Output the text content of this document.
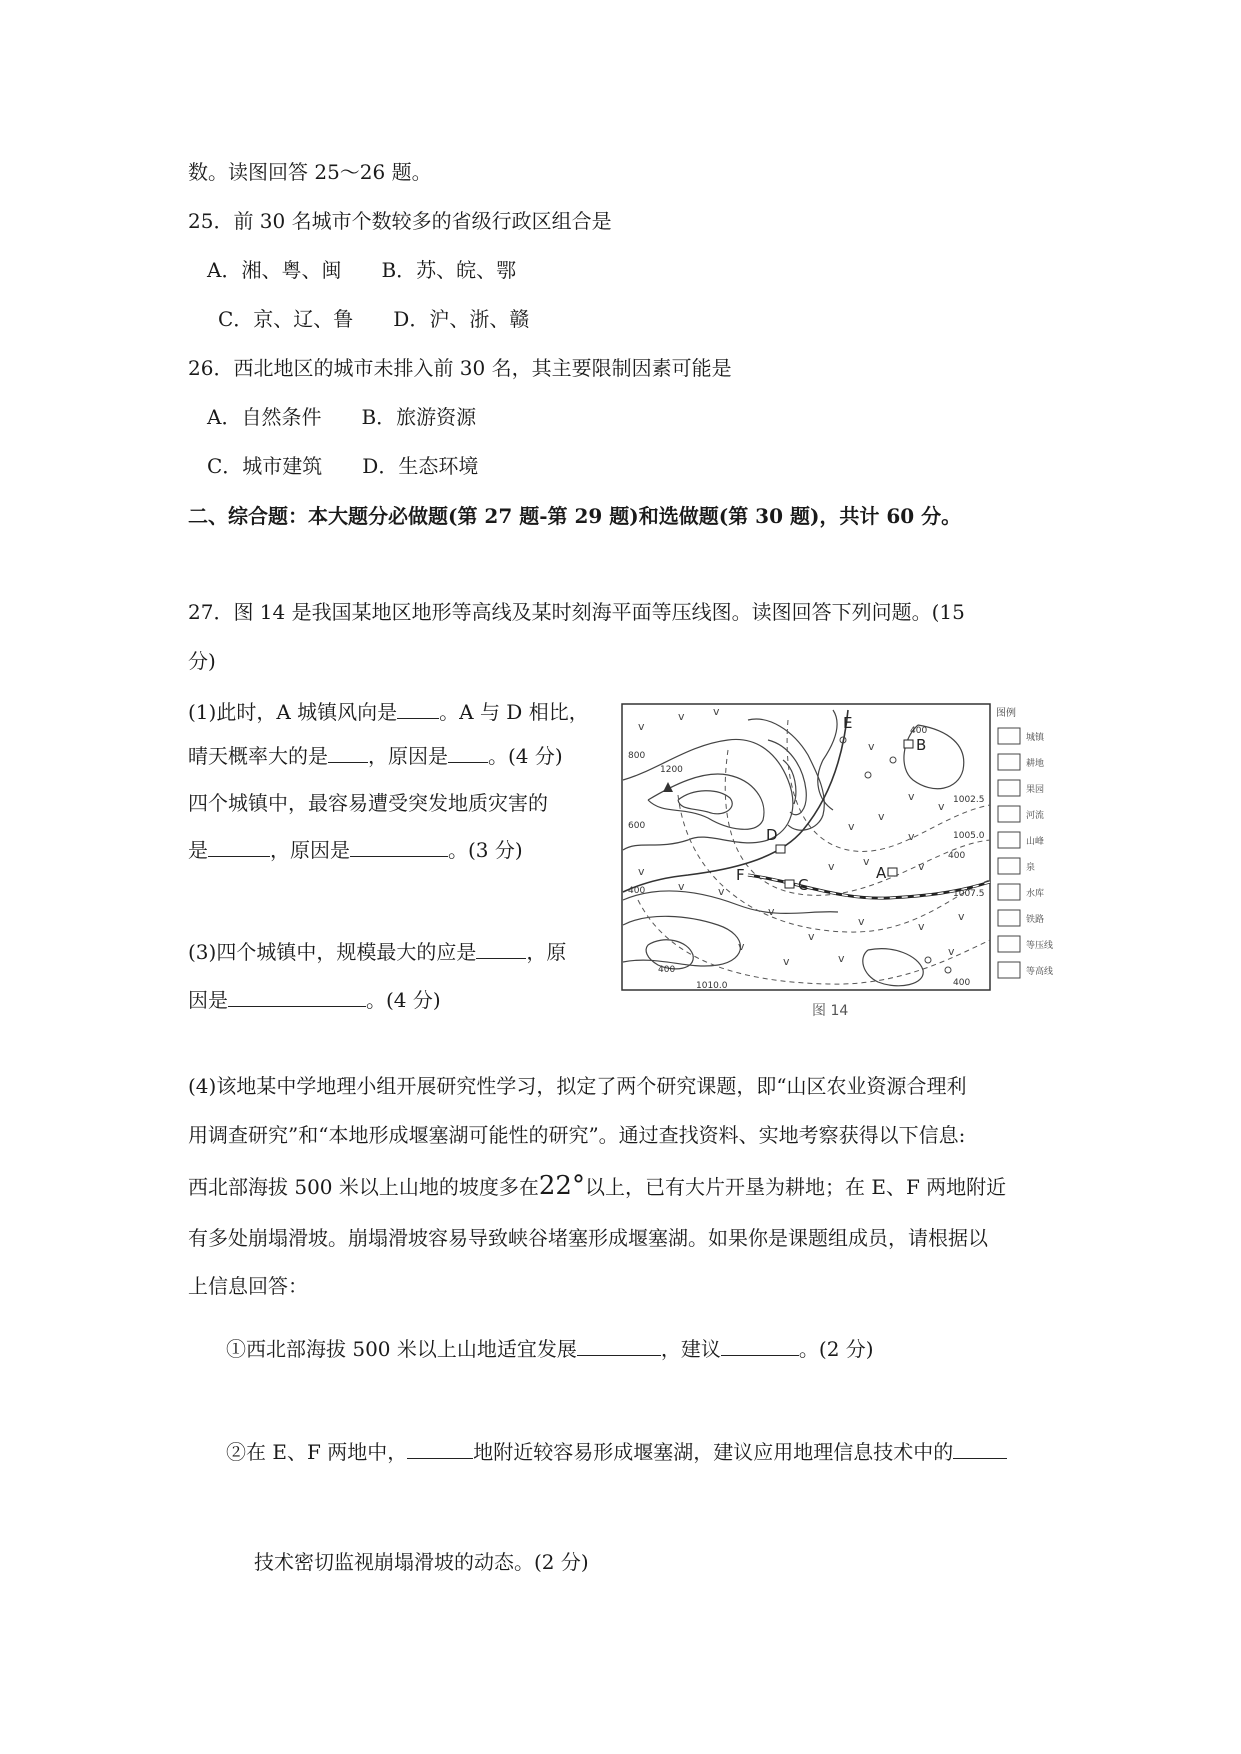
数。读图回答 25～26 题。
25．前 30 名城市个数较多的省级行政区组合是
A．湘、粤、闽　　B．苏、皖、鄂
C．京、辽、鲁　　D．沪、浙、赣
26．西北地区的城市未排入前 30 名，其主要限制因素可能是
A．自然条件　　B．旅游资源
C．城市建筑　　D．生态环境
二、综合题：本大题分必做题(第 27 题-第 29 题)和选做题(第 30 题)，共计 60 分。
27．图 14 是我国某地区地形等高线及某时刻海平面等压线图。读图回答下列问题。(15
分)
(1)此时，A 城镇风向是 。A 与 D 相比，
晴天概率大的是 ，原因是 。(4 分)
四个城镇中，最容易遭受突发地质灾害的
是	，原因是	。(3 分)
(3)四个城镇中，规模最大的应是	，原
因是	。(4 分)
v
v	v
v
v
v
v
v
v
v	v
v
v
v	v
v
v
v	v
v
v
v	v
v
A
B
C
D
E
F
800
1200
400
600
400
400
400
400
1002.5
1005.0
1007.5
1010.0
图例
城镇
耕地
果园
河流
山峰
泉
水库
铁路
等压线
等高线
图 14
(4)该地某中学地理小组开展研究性学习，拟定了两个研究课题，即“山区农业资源合理利
用调查研究”和“本地形成堰塞湖可能性的研究”。通过查找资料、实地考察获得以下信息:
西北部海拔 500 米以上山地的坡度多在22°以上，已有大片开垦为耕地；在 E、F 两地附近
有多处崩塌滑坡。崩塌滑坡容易导致峡谷堵塞形成堰塞湖。如果你是课题组成员，请根据以
上信息回答：
①西北部海拔 500 米以上山地适宜发展	，建议	。(2 分)
②在 E、F 两地中，	地附近较容易形成堰塞湖，建议应用地理信息技术中的
技术密切监视崩塌滑坡的动态。(2 分)
